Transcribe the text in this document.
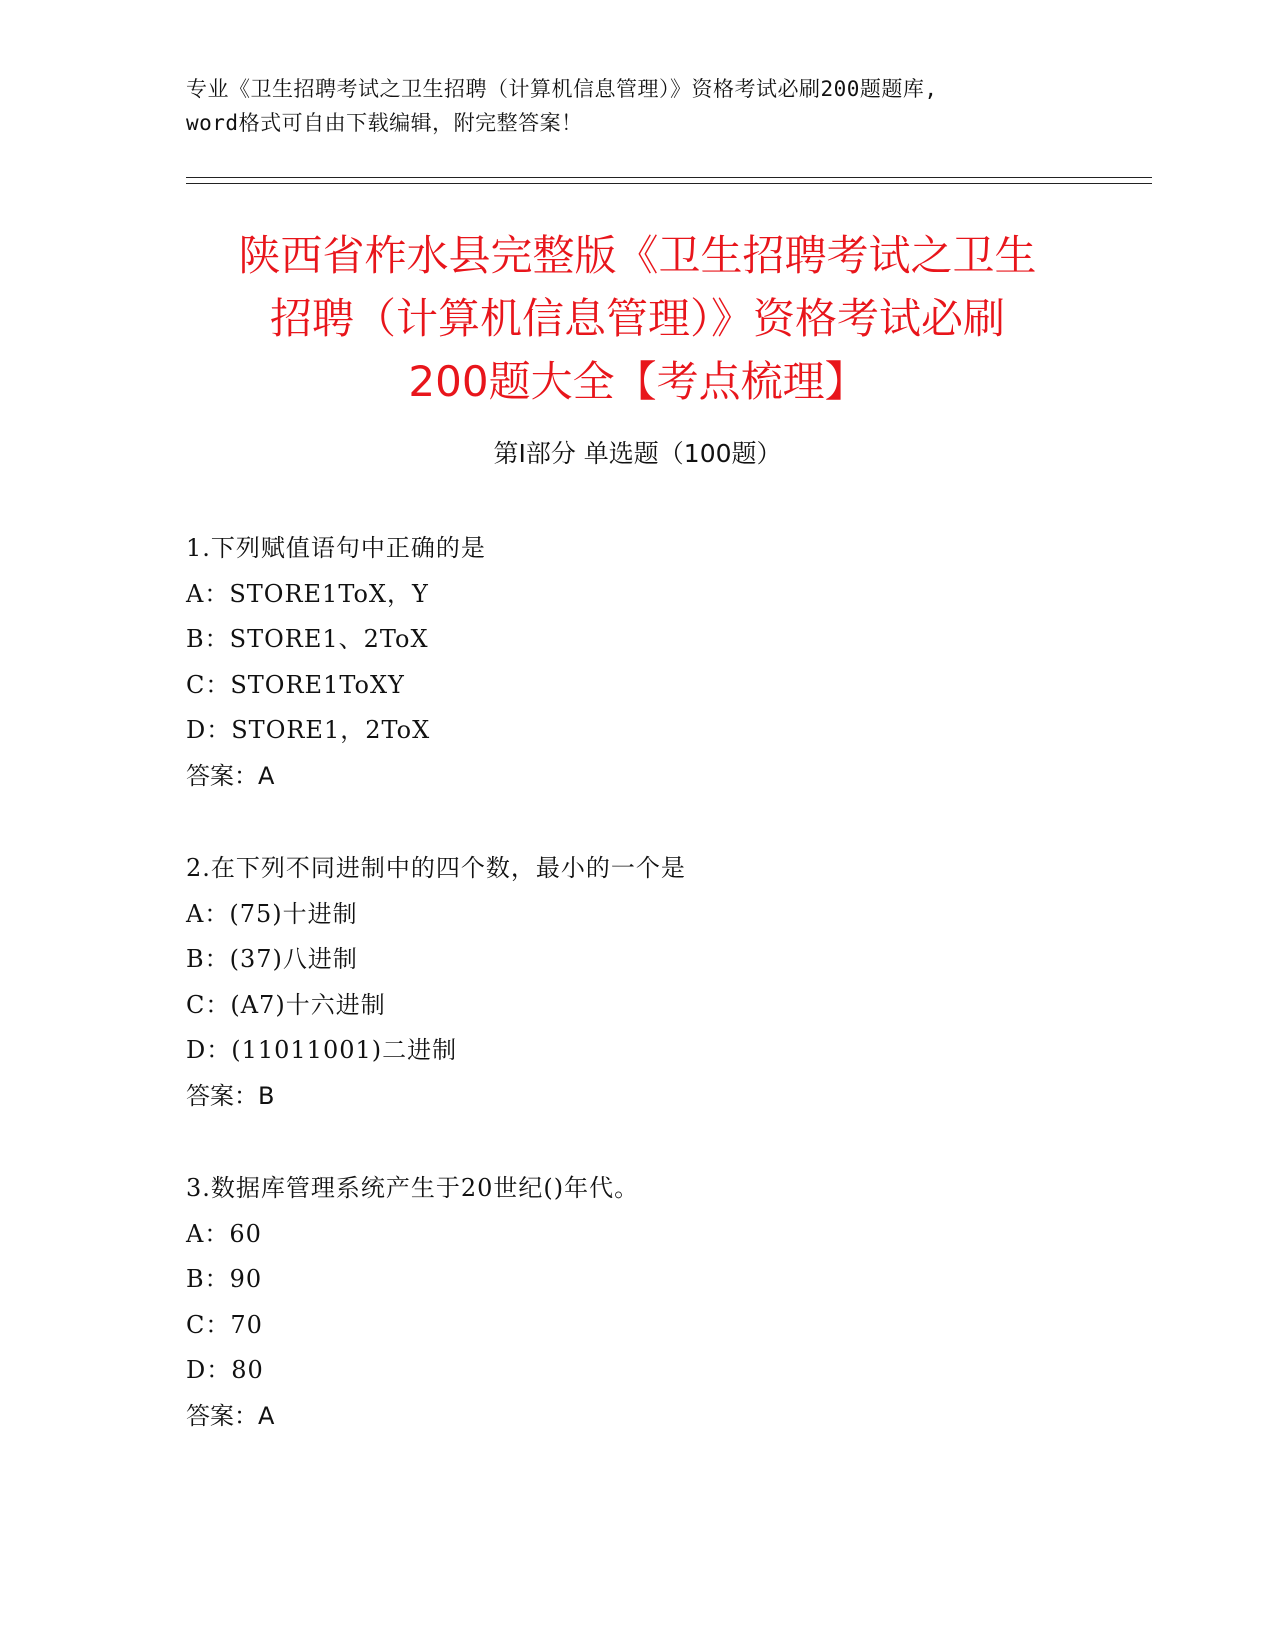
专业《卫生招聘考试之卫生招聘（计算机信息管理）》资格考试必刷200题题库,
word格式可自由下载编辑，附完整答案！
陕西省柞水县完整版《卫生招聘考试之卫生
招聘（计算机信息管理）》资格考试必刷
200题大全【考点梳理】
第Ⅰ部分 单选题（100题）
1.下列赋值语句中正确的是
A：STORE1ToX，Y
B：STORE1、2ToX
C：STORE1ToXY
D：STORE1，2ToX
答案：A
2.在下列不同进制中的四个数，最小的一个是
A：(75)十进制
B：(37)八进制
C：(A7)十六进制
D：(11011001)二进制
答案：B
3.数据库管理系统产生于20世纪()年代。
A：60
B：90
C：70
D：80
答案：A
